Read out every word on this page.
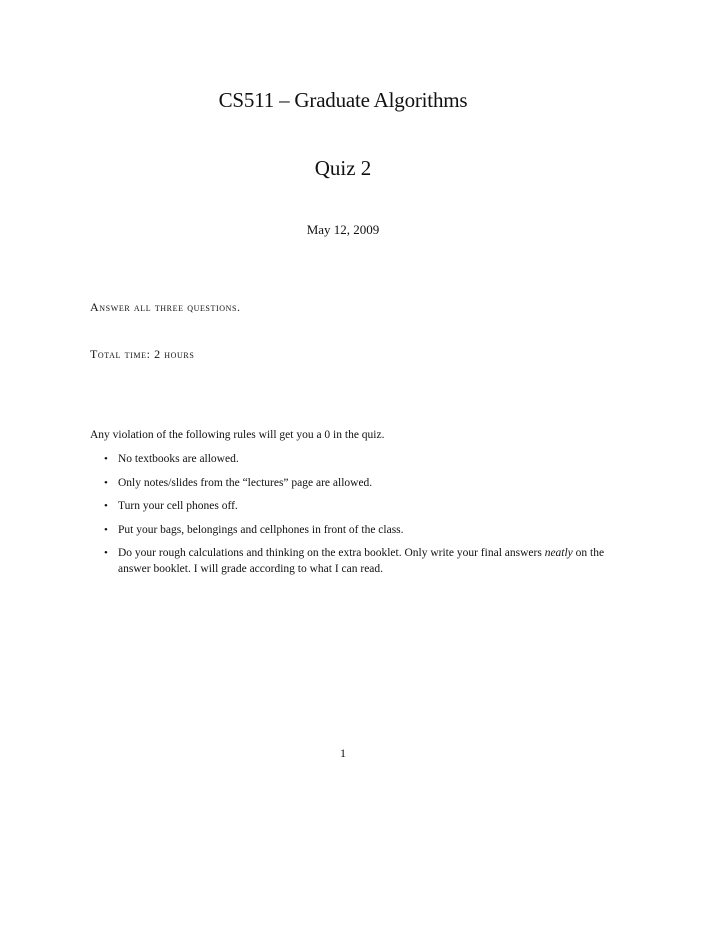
CS511 – Graduate Algorithms
Quiz 2
May 12, 2009
Answer all three questions.
Total time: 2 hours
Any violation of the following rules will get you a 0 in the quiz.
• No textbooks are allowed.
• Only notes/slides from the “lectures” page are allowed.
• Turn your cell phones off.
• Put your bags, belongings and cellphones in front of the class.
• Do your rough calculations and thinking on the extra booklet. Only write your final answers neatly on the answer booklet. I will grade according to what I can read.
1
